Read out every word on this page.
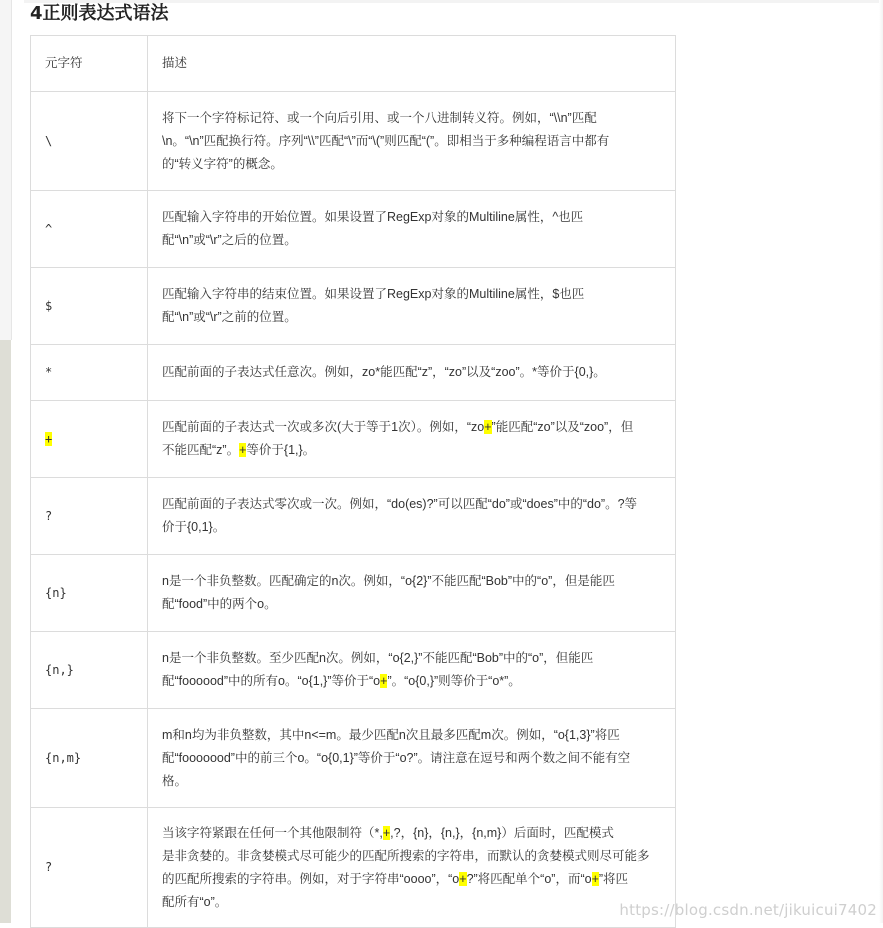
4正则表达式语法
元字符	描述
\	将下一个字符标记符、或一个向后引用、或一个八进制转义符。例如，“\\n”匹配
\n。“\n”匹配换行符。序列“\\”匹配“\”而“\(”则匹配“(”。即相当于多种编程语言中都有
的“转义字符”的概念。

^	匹配输入字符串的开始位置。如果设置了RegExp对象的Multiline属性，^也匹
配“\n”或“\r”之后的位置。

$	匹配输入字符串的结束位置。如果设置了RegExp对象的Multiline属性，$也匹
配“\n”或“\r”之前的位置。

*	匹配前面的子表达式任意次。例如，zo*能匹配“z”，“zo”以及“zoo”。*等价于{0,}。

+	匹配前面的子表达式一次或多次(大于等于1次）。例如，“zo+”能匹配“zo”以及“zoo”，但
不能匹配“z”。+等价于{1,}。

?	匹配前面的子表达式零次或一次。例如，“do(es)?”可以匹配“do”或“does”中的“do”。?等
价于{0,1}。

{n}	n是一个非负整数。匹配确定的n次。例如，“o{2}”不能匹配“Bob”中的“o”，但是能匹
配“food”中的两个o。

{n,}	n是一个非负整数。至少匹配n次。例如，“o{2,}”不能匹配“Bob”中的“o”，但能匹
配“foooood”中的所有o。“o{1,}”等价于“o+”。“o{0,}”则等价于“o*”。

{n,m}	m和n均为非负整数，其中n<=m。最少匹配n次且最多匹配m次。例如，“o{1,3}”将匹
配“fooooood”中的前三个o。“o{0,1}”等价于“o?”。请注意在逗号和两个数之间不能有空
格。

?	当该字符紧跟在任何一个其他限制符（*,+,?，{n}，{n,}，{n,m}）后面时，匹配模式
是非贪婪的。非贪婪模式尽可能少的匹配所搜索的字符串，而默认的贪婪模式则尽可能多
的匹配所搜索的字符串。例如，对于字符串“oooo”，“o+?”将匹配单个“o”，而“o+”将匹
配所有“o”。	https://blog.csdn.net/jikuicui7402
